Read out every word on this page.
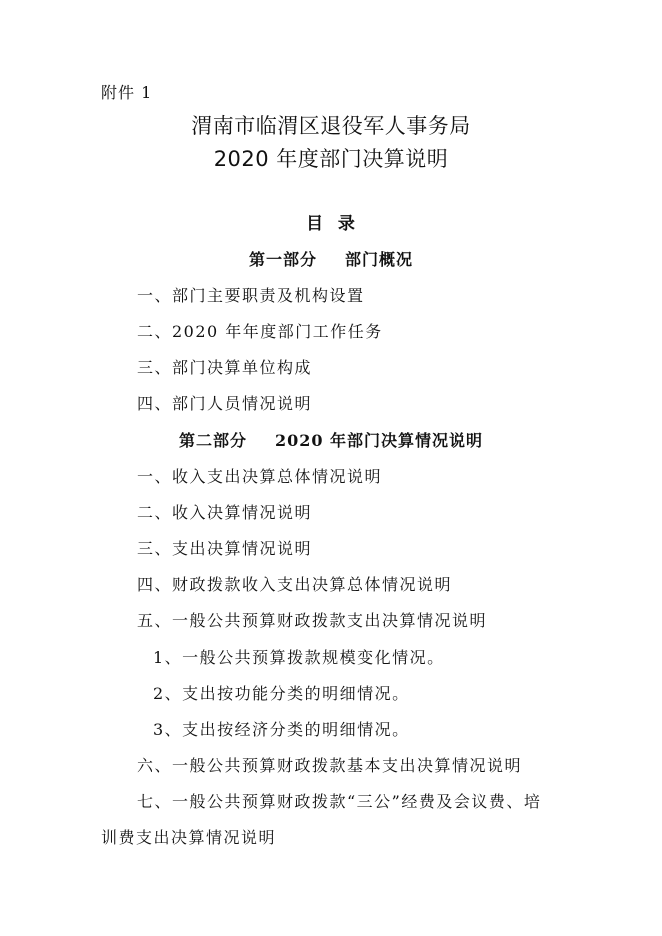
附件 1
渭南市临渭区退役军人事务局
2020 年度部门决算说明
目  录
第一部分 部门概况
一、部门主要职责及机构设置
二、2020 年年度部门工作任务
三、部门决算单位构成
四、部门人员情况说明
第二部分 2020 年部门决算情况说明
一、收入支出决算总体情况说明
二、收入决算情况说明
三、支出决算情况说明
四、财政拨款收入支出决算总体情况说明
五、一般公共预算财政拨款支出决算情况说明
1、一般公共预算拨款规模变化情况。
2、支出按功能分类的明细情况。
3、支出按经济分类的明细情况。
六、一般公共预算财政拨款基本支出决算情况说明
七、一般公共预算财政拨款“三公”经费及会议费、培
训费支出决算情况说明
